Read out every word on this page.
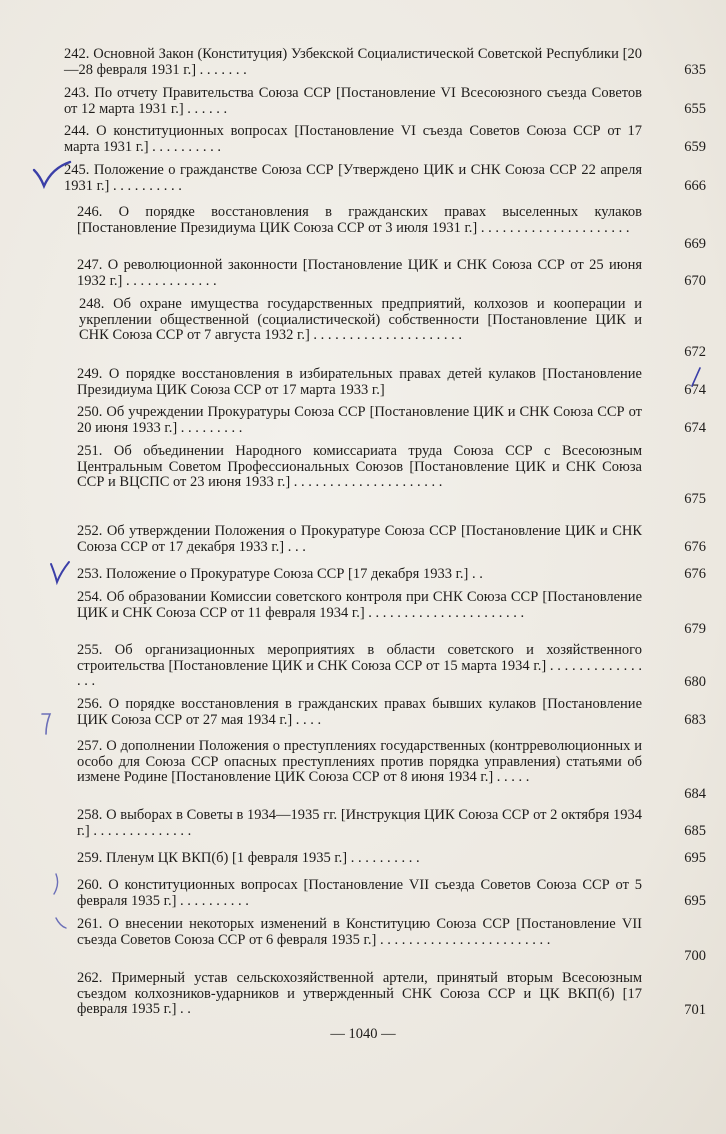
242. Основной Закон (Конституция) Узбекской Социалистической Советской Республики [20—28 февраля 1931 г.] . . . . . . .	635
243. По отчету Правительства Союза ССР [Постановление VI Всесоюзного съезда Советов от 12 марта 1931 г.] . . . . . .	655
244. О конституционных вопросах [Постановление VI съезда Советов Союза ССР от 17 марта 1931 г.] . . . . . . . . . .	659
245. Положение о гражданстве Союза ССР [Утверждено ЦИК и СНК Союза ССР 22 апреля 1931 г.] . . . . . . . . . .	666
246. О порядке восстановления в гражданских правах выселенных кулаков [Постановление Президиума ЦИК Союза ССР от 3 июля 1931 г.] . . . . . . . . . . . . . . . . . . . . .
669
247. О революционной законности [Постановление ЦИК и СНК Союза ССР от 25 июня 1932 г.] . . . . . . . . . . . . .	670
248. Об охране имущества государственных предприятий, колхозов и кооперации и укреплении общественной (социалистической) собственности [Постановление ЦИК и СНК Союза ССР от 7 августа 1932 г.] . . . . . . . . . . . . . . . . . . . . .
672
249. О порядке восстановления в избирательных правах детей кулаков [Постановление Президиума ЦИК Союза ССР от 17 марта 1933 г.]	674
250. Об учреждении Прокуратуры Союза ССР [Постановление ЦИК и СНК Союза ССР от 20 июня 1933 г.] . . . . . . . . .	674
251. Об объединении Народного комиссариата труда Союза ССР с Всесоюзным Центральным Советом Профессиональных Союзов [Постановление ЦИК и СНК Союза ССР и ВЦСПС от 23 июня 1933 г.] . . . . . . . . . . . . . . . . . . . . .
675
252. Об утверждении Положения о Прокуратуре Союза ССР [Постановление ЦИК и СНК Союза ССР от 17 декабря 1933 г.] . . .	676
253. Положение о Прокуратуре Союза ССР [17 декабря 1933 г.] . .	676
254. Об образовании Комиссии советского контроля при СНК Союза ССР [Постановление ЦИК и СНК Союза ССР от 11 февраля 1934 г.] . . . . . . . . . . . . . . . . . . . . . .
679
255. Об организационных мероприятиях в области советского и хозяйственного строительства [Постановление ЦИК и СНК Союза ССР от 15 марта 1934 г.] . . . . . . . . . . . . . . . .	680
256. О порядке восстановления в гражданских правах бывших кулаков [Постановление ЦИК Союза ССР от 27 мая 1934 г.] . . . .	683
257. О дополнении Положения о преступлениях государственных (контрреволюционных и особо для Союза ССР опасных преступлениях против порядка управления) статьями об измене Родине [Постановление ЦИК Союза ССР от 8 июня 1934 г.] . . . . .
684
258. О выборах в Советы в 1934—1935 гг. [Инструкция ЦИК Союза ССР от 2 октября 1934 г.] . . . . . . . . . . . . . .	685
259. Пленум ЦК ВКП(б) [1 февраля 1935 г.] . . . . . . . . . .	695
260. О конституционных вопросах [Постановление VII съезда Советов Союза ССР от 5 февраля 1935 г.] . . . . . . . . . .	695
261. О внесении некоторых изменений в Конституцию Союза ССР [Постановление VII съезда Советов Союза ССР от 6 февраля 1935 г.] . . . . . . . . . . . . . . . . . . . . . . . .
700
262. Примерный устав сельскохозяйственной артели, принятый вторым Всесоюзным съездом колхозников-ударников и утвержденный СНК Союза ССР и ЦК ВКП(б) [17 февраля 1935 г.] . .	701
— 1040 —
